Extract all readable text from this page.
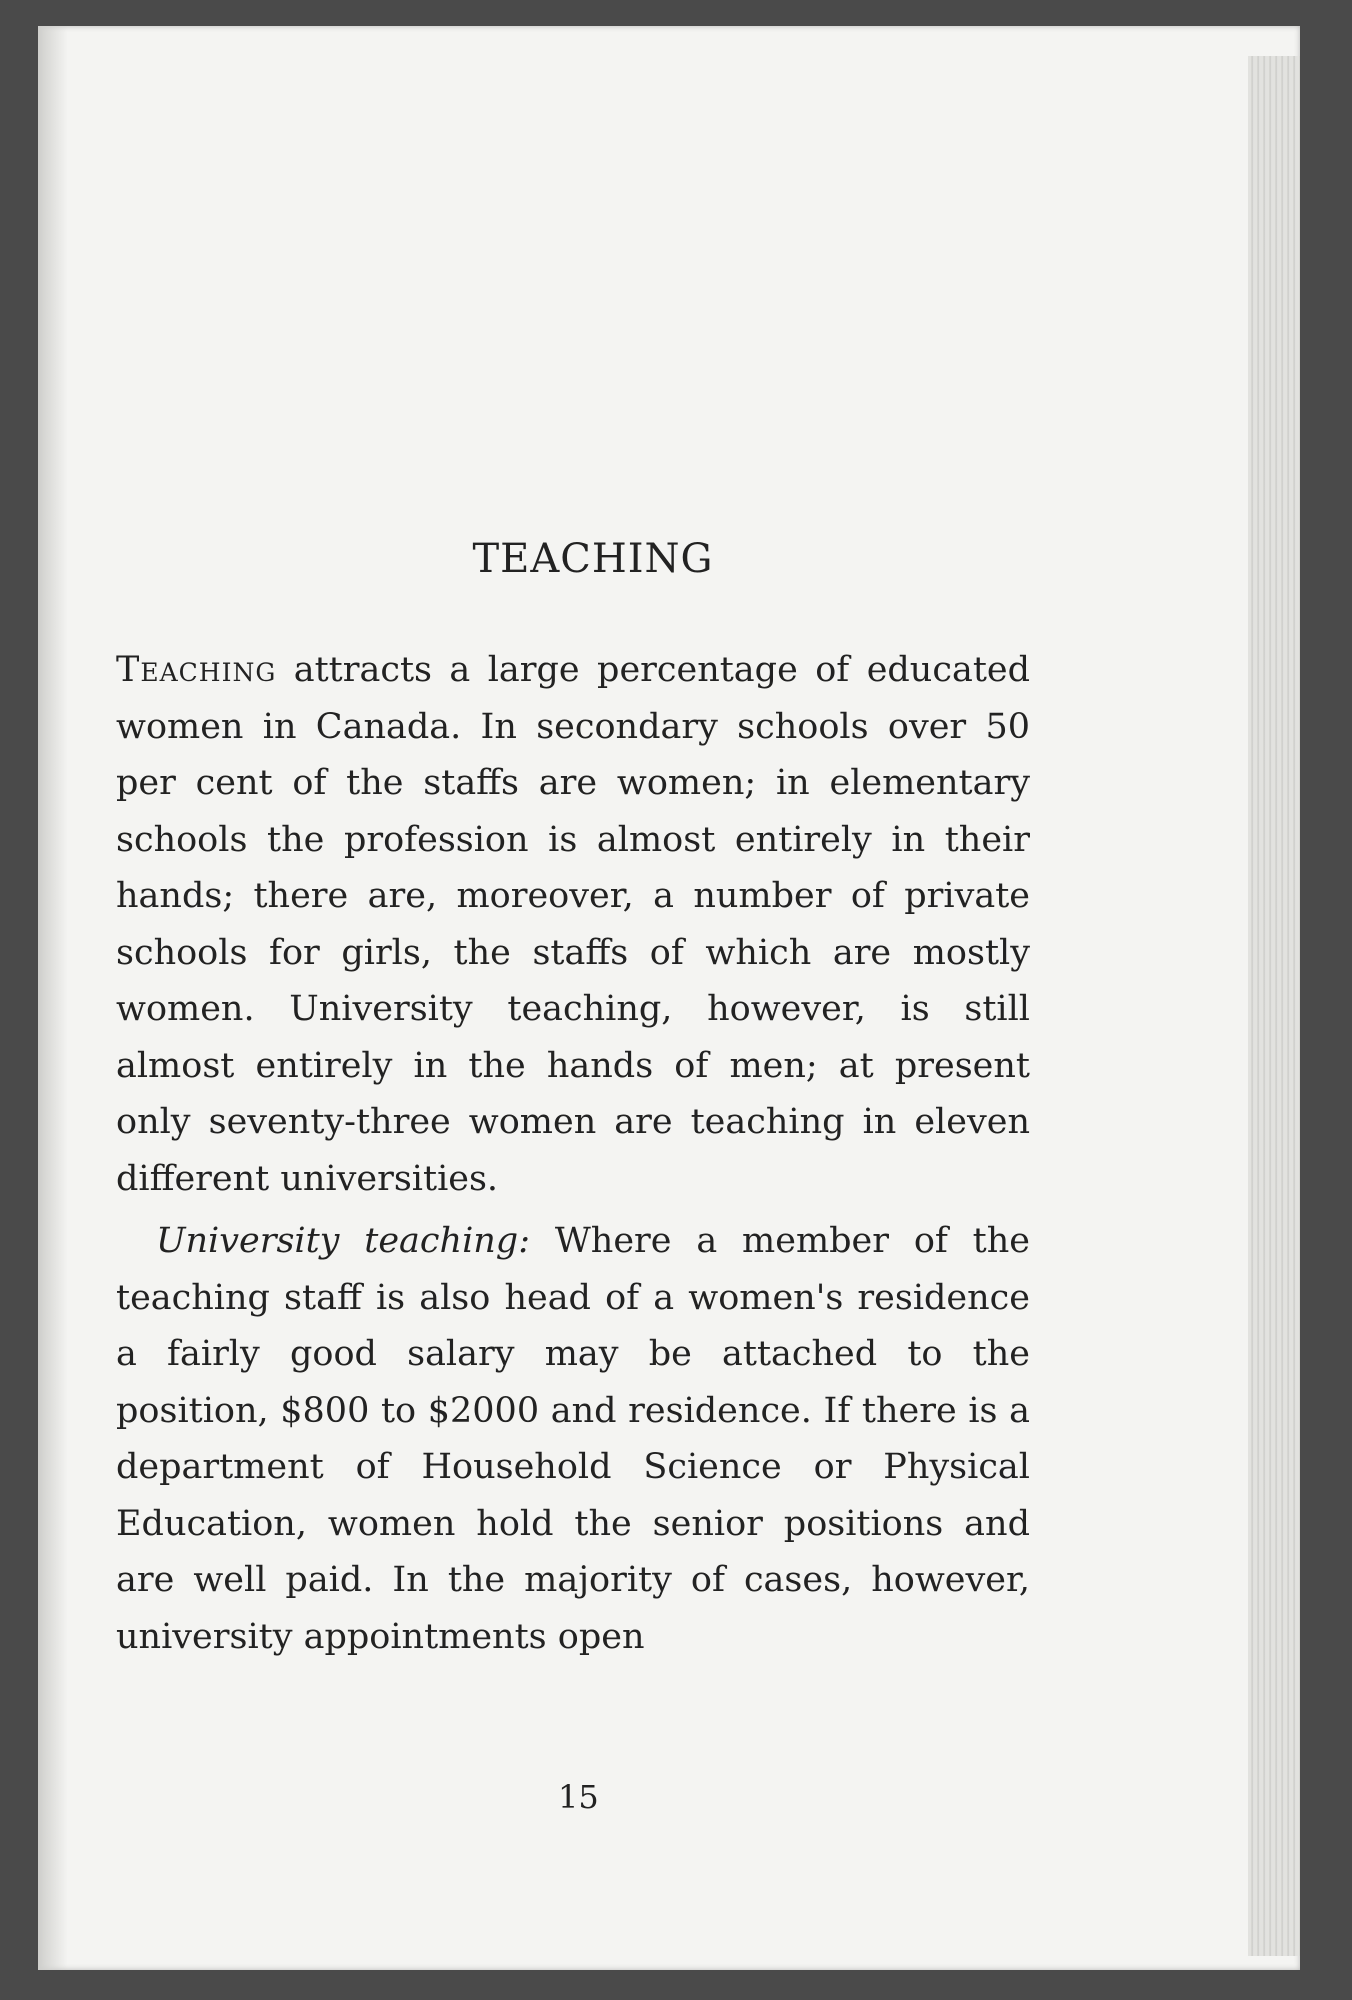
TEACHING

Teaching attracts a large percentage of educated women in Canada. In secondary schools over 50 per cent of the staffs are women; in elementary schools the profession is almost entirely in their hands; there are, moreover, a number of private schools for girls, the staffs of which are mostly women. University teaching, however, is still almost entirely in the hands of men; at present only seventy-three women are teaching in eleven different universities.

University teaching: Where a member of the teaching staff is also head of a women's residence a fairly good salary may be attached to the position, $800 to $2000 and residence. If there is a department of Household Science or Physical Education, women hold the senior positions and are well paid. In the majority of cases, however, university appointments open

15
